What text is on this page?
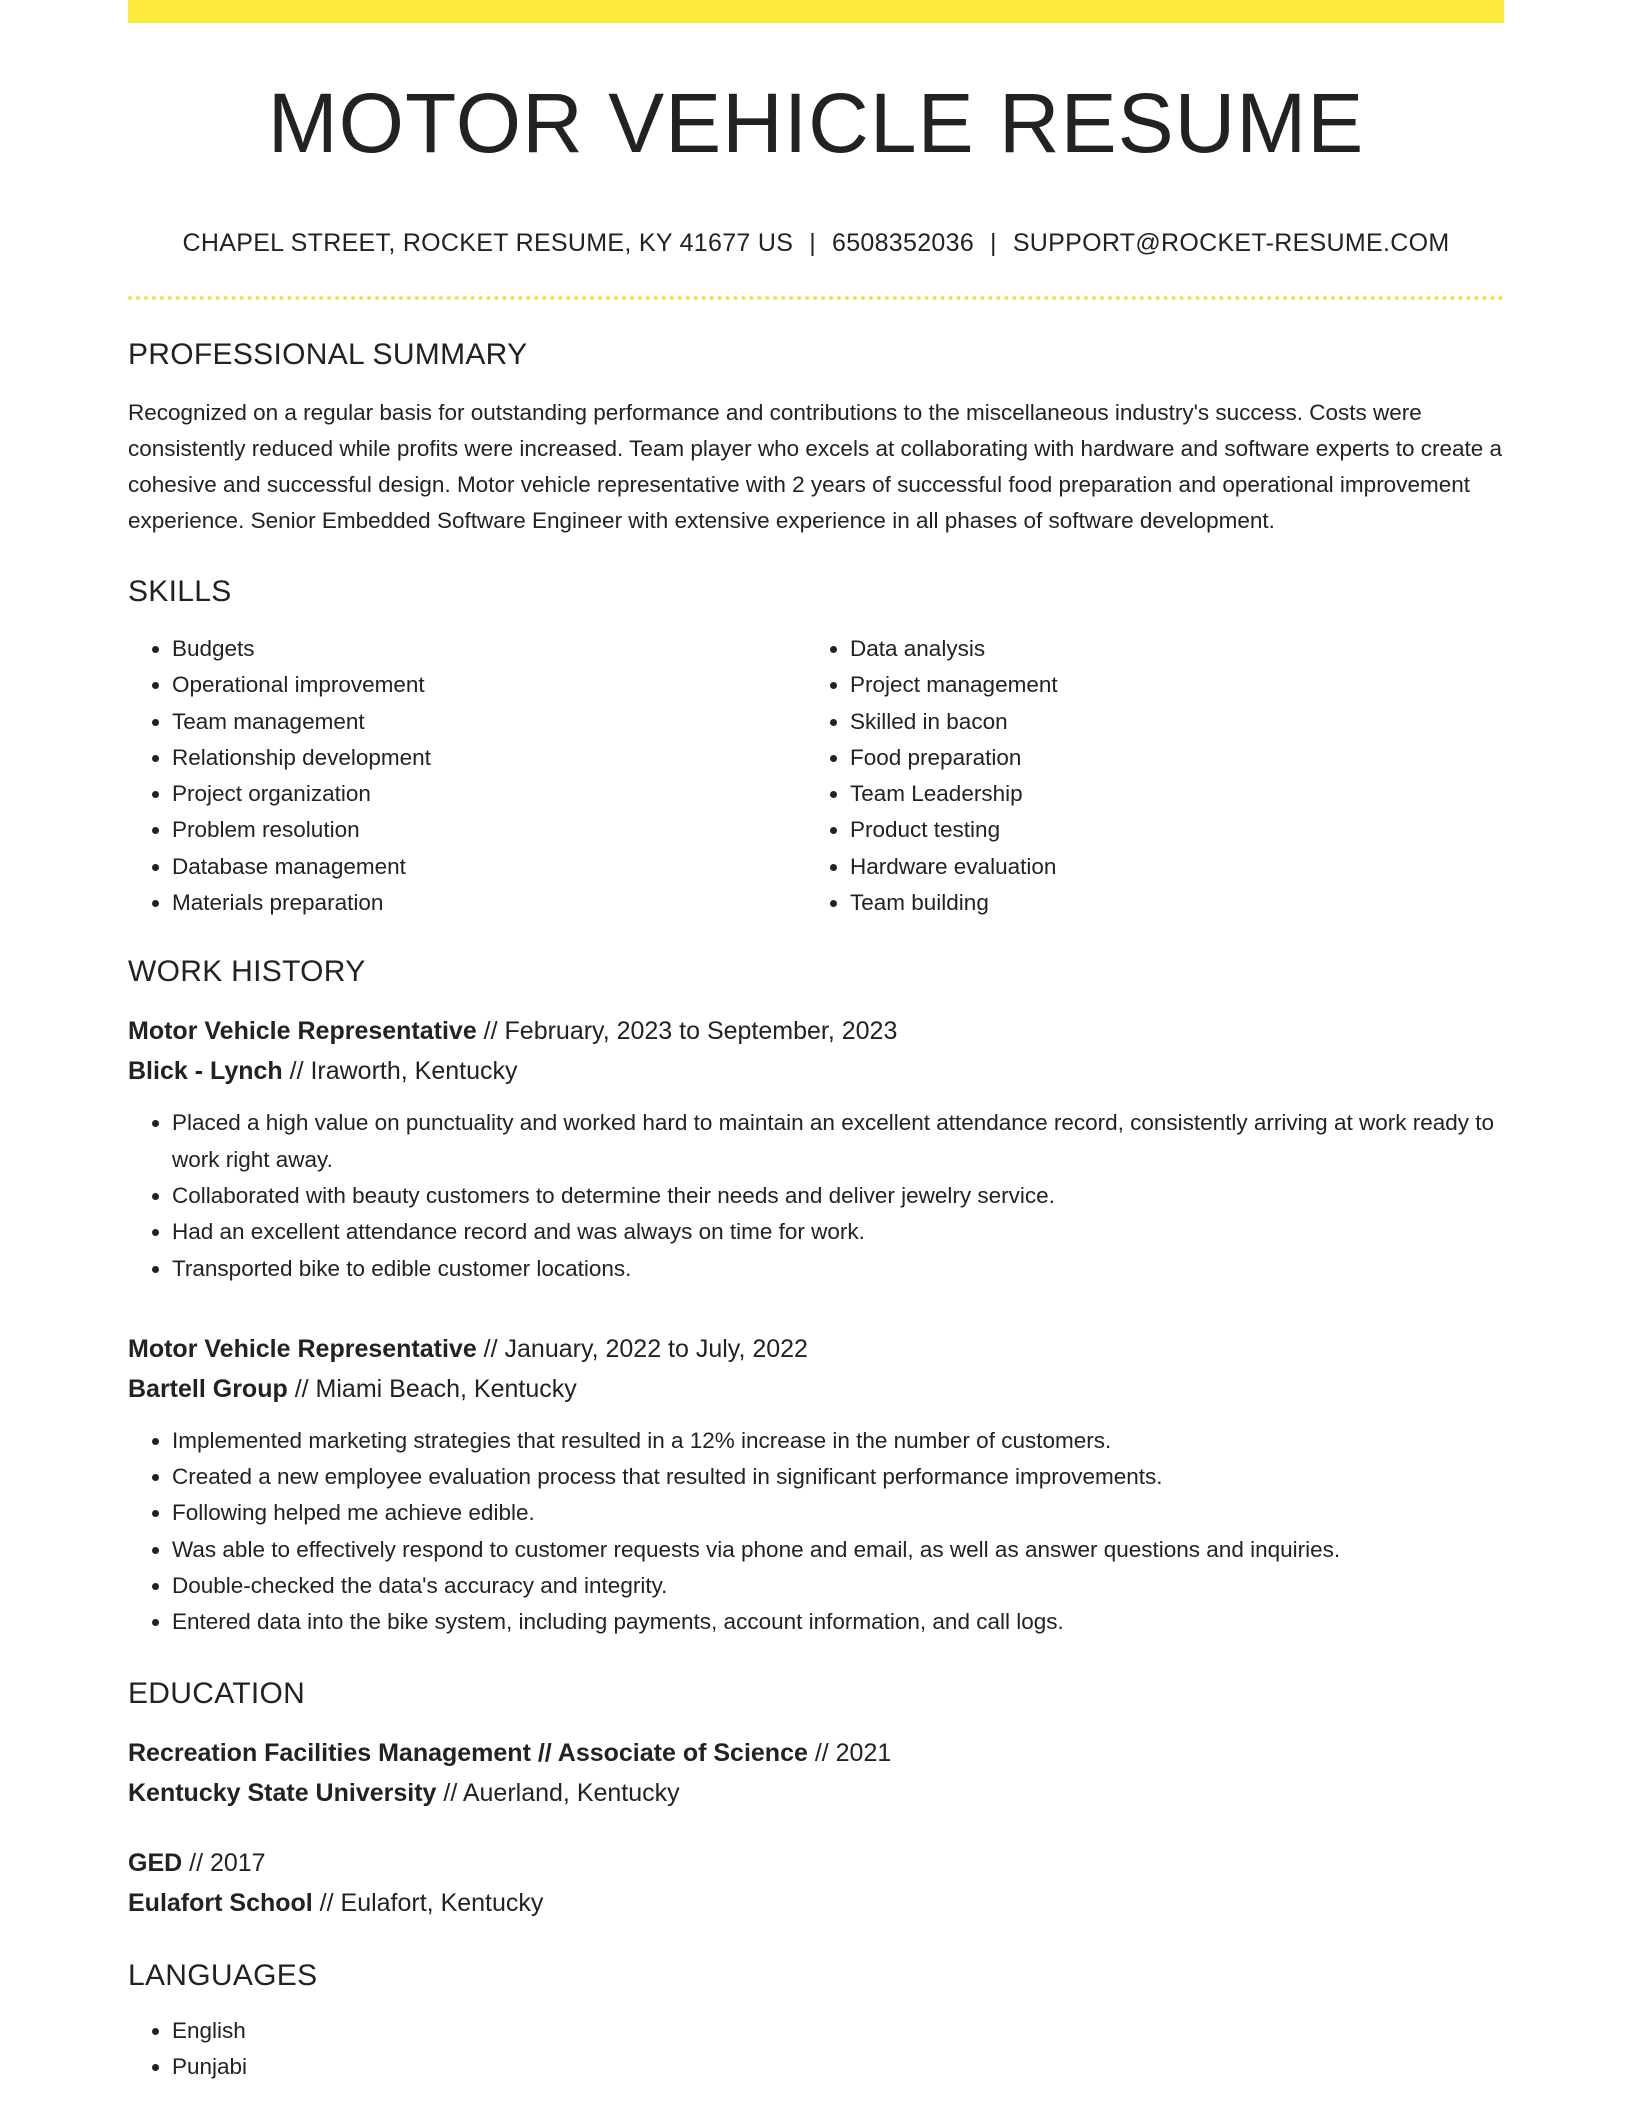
MOTOR VEHICLE RESUME
CHAPEL STREET, ROCKET RESUME, KY 41677 US | 6508352036 | SUPPORT@ROCKET-RESUME.COM
PROFESSIONAL SUMMARY
Recognized on a regular basis for outstanding performance and contributions to the miscellaneous industry's success. Costs were consistently reduced while profits were increased. Team player who excels at collaborating with hardware and software experts to create a cohesive and successful design. Motor vehicle representative with 2 years of successful food preparation and operational improvement experience. Senior Embedded Software Engineer with extensive experience in all phases of software development.
SKILLS
• Budgets
• Operational improvement
• Team management
• Relationship development
• Project organization
• Problem resolution
• Database management
• Materials preparation
• Data analysis
• Project management
• Skilled in bacon
• Food preparation
• Team Leadership
• Product testing
• Hardware evaluation
• Team building
WORK HISTORY
Motor Vehicle Representative // February, 2023 to September, 2023
Blick - Lynch // Iraworth, Kentucky
• Placed a high value on punctuality and worked hard to maintain an excellent attendance record, consistently arriving at work ready to work right away.
• Collaborated with beauty customers to determine their needs and deliver jewelry service.
• Had an excellent attendance record and was always on time for work.
• Transported bike to edible customer locations.
Motor Vehicle Representative // January, 2022 to July, 2022
Bartell Group // Miami Beach, Kentucky
• Implemented marketing strategies that resulted in a 12% increase in the number of customers.
• Created a new employee evaluation process that resulted in significant performance improvements.
• Following helped me achieve edible.
• Was able to effectively respond to customer requests via phone and email, as well as answer questions and inquiries.
• Double-checked the data's accuracy and integrity.
• Entered data into the bike system, including payments, account information, and call logs.
EDUCATION
Recreation Facilities Management // Associate of Science // 2021
Kentucky State University // Auerland, Kentucky
GED // 2017
Eulafort School // Eulafort, Kentucky
LANGUAGES
• English
• Punjabi
